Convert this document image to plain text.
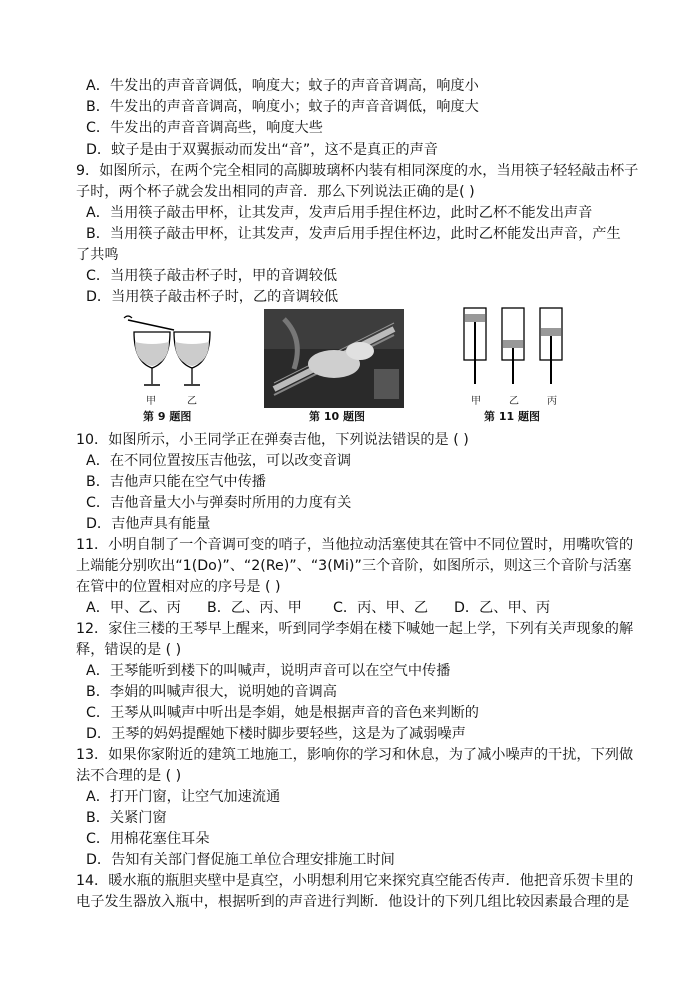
A．牛发出的声音音调低，响度大；蚊子的声音音调高，响度小
B．牛发出的声音音调高，响度小；蚊子的声音音调低，响度大
C．牛发出的声音音调高些，响度大些
D．蚊子是由于双翼振动而发出“音”，这不是真正的声音
9．如图所示，在两个完全相同的高脚玻璃杯内装有相同深度的水，当用筷子轻轻敲击杯子
子时，两个杯子就会发出相同的声音．那么下列说法正确的是( )
A．当用筷子敲击甲杯，让其发声，发声后用手捏住杯边，此时乙杯不能发出声音
B．当用筷子敲击甲杯，让其发声，发声后用手捏住杯边，此时乙杯能发出声音，产生
了共鸣
C．当用筷子敲击杯子时，甲的音调较低
D．当用筷子敲击杯子时，乙的音调较低
甲	乙
第 9 题图	第 10 题图
甲	乙	丙
第 11 题图
10．如图所示，小王同学正在弹奏吉他，下列说法错误的是 ( )
A．在不同位置按压吉他弦，可以改变音调
B．吉他声只能在空气中传播
C．吉他音量大小与弹奏时所用的力度有关
D．吉他声具有能量
11．小明自制了一个音调可变的哨子，当他拉动活塞使其在管中不同位置时，用嘴吹管的
上端能分别吹出“1(Do)”、“2(Re)”、“3(Mi)”三个音阶，如图所示，则这三个音阶与活塞
在管中的位置相对应的序号是 ( )
A．甲、乙、丙 B．乙、丙、甲 C．丙、甲、乙 D．乙、甲、丙
12．家住三楼的王琴早上醒来，听到同学李娟在楼下喊她一起上学，下列有关声现象的解
释，错误的是 ( )
A．王琴能听到楼下的叫喊声，说明声音可以在空气中传播
B．李娟的叫喊声很大，说明她的音调高
C．王琴从叫喊声中听出是李娟，她是根据声音的音色来判断的
D．王琴的妈妈提醒她下楼时脚步要轻些，这是为了减弱噪声
13．如果你家附近的建筑工地施工，影响你的学习和休息，为了减小噪声的干扰，下列做
法不合理的是 ( )
A．打开门窗，让空气加速流通
B．关紧门窗
C．用棉花塞住耳朵
D．告知有关部门督促施工单位合理安排施工时间
14．暖水瓶的瓶胆夹壁中是真空，小明想利用它来探究真空能否传声．他把音乐贺卡里的
电子发生器放入瓶中，根据听到的声音进行判断．他设计的下列几组比较因素最合理的是
